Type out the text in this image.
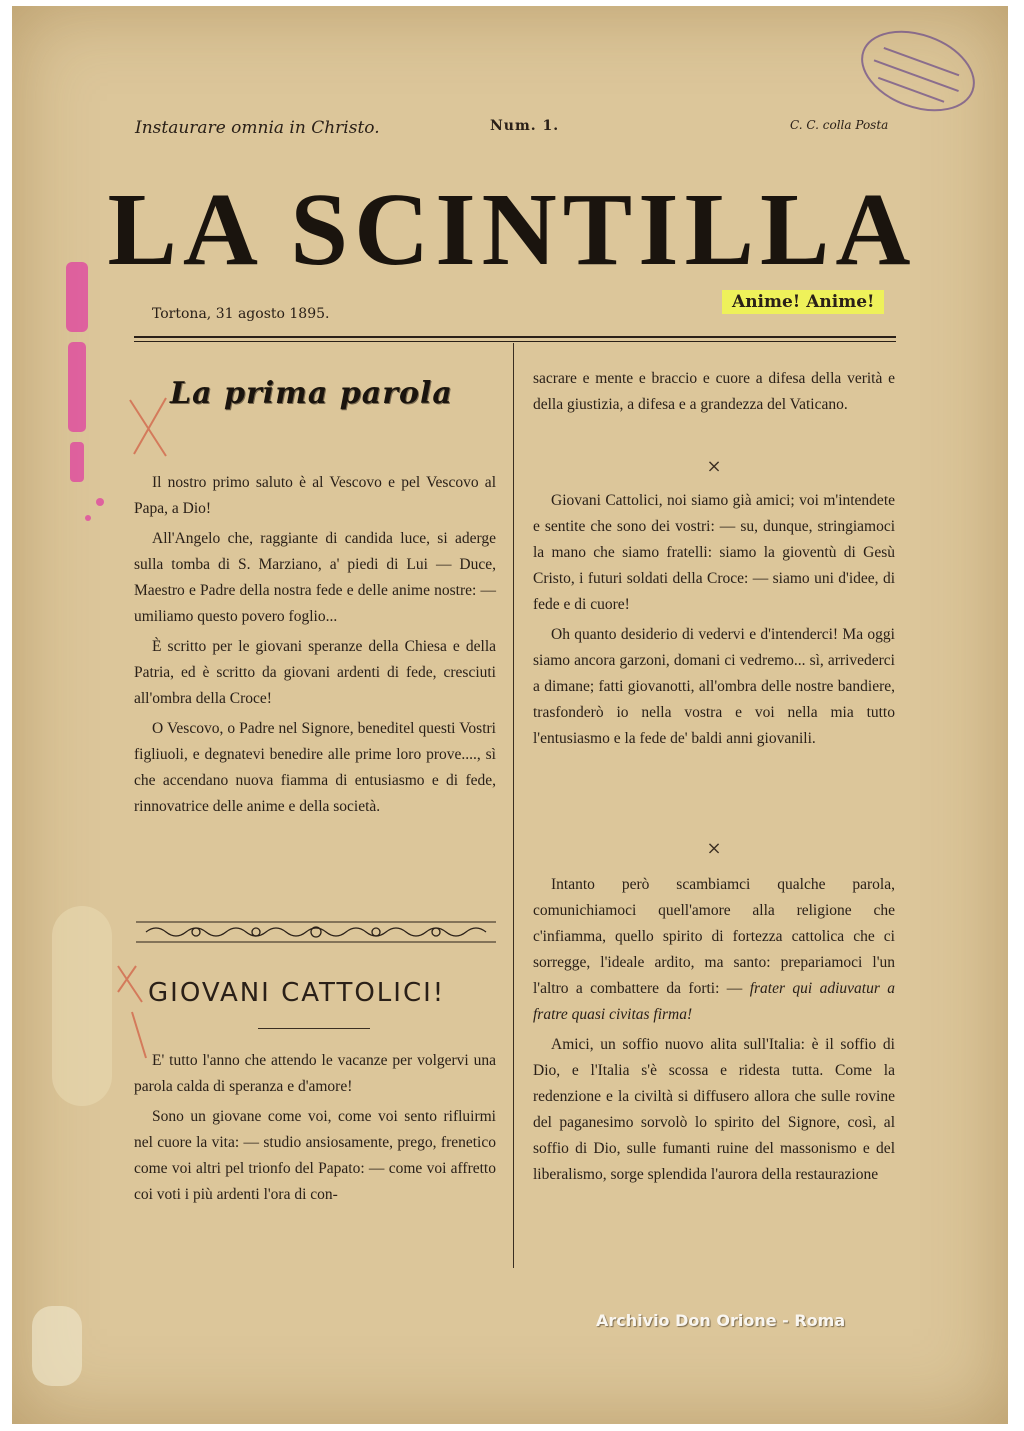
Instaurare omnia in Christo.	Num. 1.	C. C. colla Posta
LA SCINTILLA
Tortona, 31 agosto 1895.
Anime! Anime!
La prima parola

Il nostro primo saluto è al Vescovo e pel Vescovo al Papa, a Dio!

All'Angelo che, raggiante di candida luce, si aderge sulla tomba di S. Marziano, a' piedi di Lui — Duce, Maestro e Padre della nostra fede e delle anime nostre: — umiliamo questo povero foglio...

È scritto per le giovani speranze della Chiesa e della Patria, ed è scritto da giovani ardenti di fede, cresciuti all'ombra della Croce!

O Vescovo, o Padre nel Signore, beneditel questi Vostri figliuoli, e degnatevi benedire alle prime loro prove...., sì che accendano nuova fiamma di entusiasmo e di fede, rinnovatrice delle anime e della società.

GIOVANI CATTOLICI!

E' tutto l'anno che attendo le vacanze per volgervi una parola calda di speranza e d'amore!

Sono un giovane come voi, come voi sento rifluirmi nel cuore la vita: — studio ansiosamente, prego, frenetico come voi altri pel trionfo del Papato: — come voi affretto coi voti i più ardenti l'ora di con-

sacrare e mente e braccio e cuore a difesa della verità e della giustizia, a difesa e a grandezza del Vaticano.

×

Giovani Cattolici, noi siamo già amici; voi m'intendete e sentite che sono dei vostri: — su, dunque, stringiamoci la mano che siamo fratelli: siamo la gioventù di Gesù Cristo, i futuri soldati della Croce: — siamo uni d'idee, di fede e di cuore!

Oh quanto desiderio di vedervi e d'intenderci! Ma oggi siamo ancora garzoni, domani ci vedremo... sì, arrivederci a dimane; fatti giovanotti, all'ombra delle nostre bandiere, trasfonderò io nella vostra e voi nella mia tutto l'entusiasmo e la fede de' baldi anni giovanili.

×

Intanto però scambiamci qualche parola, comunichiamoci quell'amore alla religione che c'infiamma, quello spirito di fortezza cattolica che ci sorregge, l'ideale ardito, ma santo: prepariamoci l'un l'altro a combattere da forti: — frater qui adiuvatur a fratre quasi civitas firma!

Amici, un soffio nuovo alita sull'Italia: è il soffio di Dio, e l'Italia s'è scossa e ridesta tutta. Come la redenzione e la civiltà si diffusero allora che sulle rovine del paganesimo sorvolò lo spirito del Signore, così, al soffio di Dio, sulle fumanti ruine del massonismo e del liberalismo, sorge splendida l'aurora della restaurazione

Archivio Don Orione - Roma
